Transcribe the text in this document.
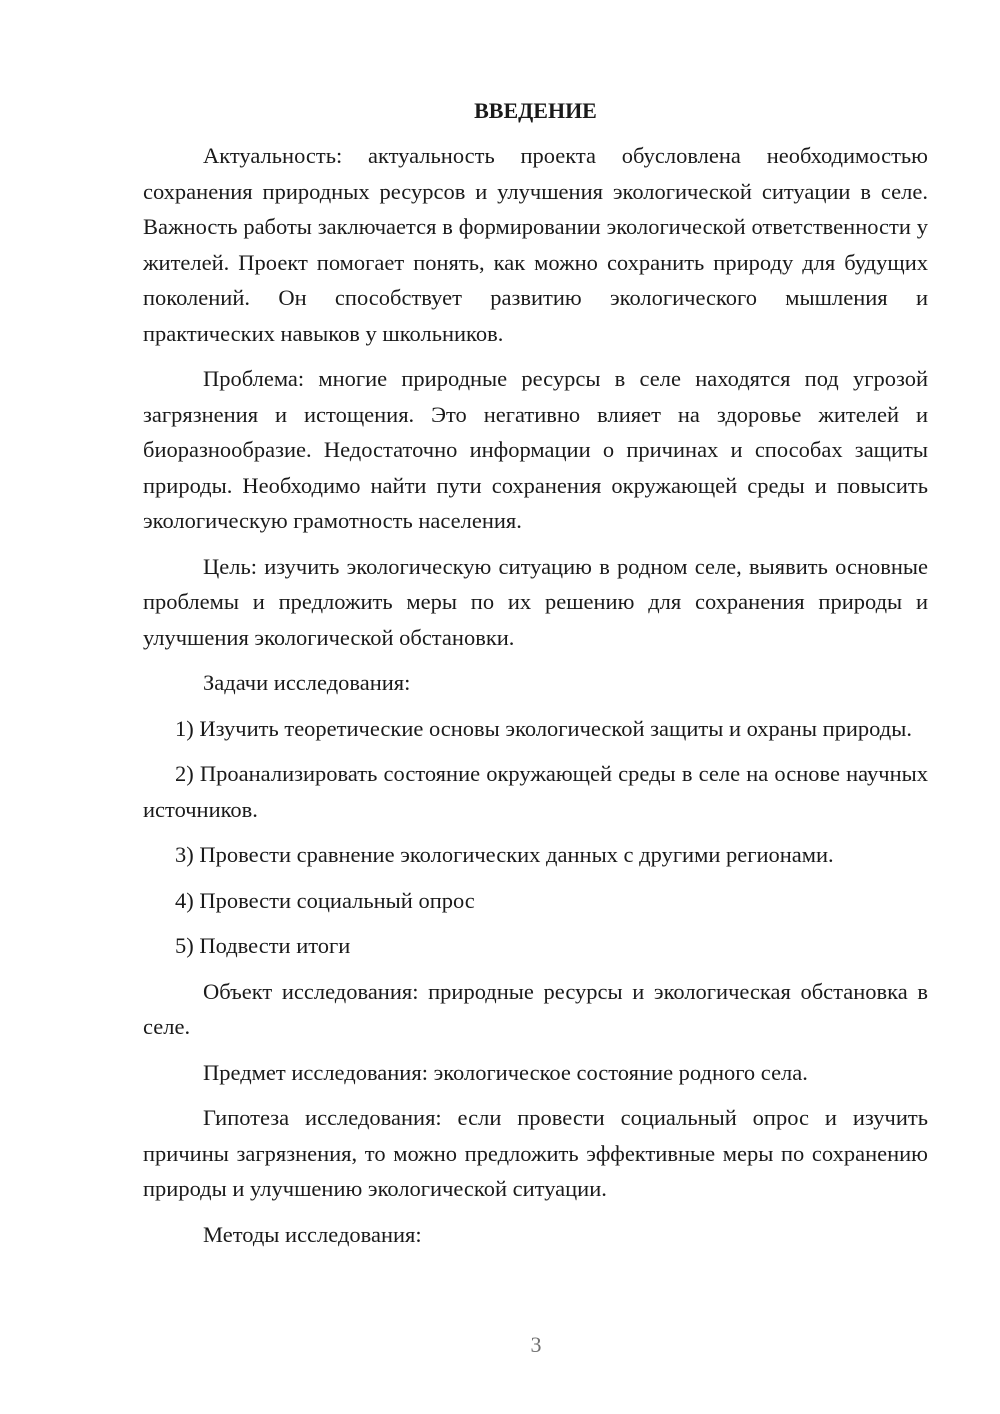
ВВЕДЕНИЕ

Актуальность: актуальность проекта обусловлена необходимостью сохранения природных ресурсов и улучшения экологической ситуации в селе. Важность работы заключается в формировании экологической ответственности у жителей. Проект помогает понять, как можно сохранить природу для будущих поколений. Он способствует развитию экологического мышления и практических навыков у школьников.

Проблема: многие природные ресурсы в селе находятся под угрозой загрязнения и истощения. Это негативно влияет на здоровье жителей и биоразнообразие. Недостаточно информации о причинах и способах защиты природы. Необходимо найти пути сохранения окружающей среды и повысить экологическую грамотность населения.

Цель: изучить экологическую ситуацию в родном селе, выявить основные проблемы и предложить меры по их решению для сохранения природы и улучшения экологической обстановки.

Задачи исследования:

1) Изучить теоретические основы экологической защиты и охраны природы.

2) Проанализировать состояние окружающей среды в селе на основе научных источников.

3) Провести сравнение экологических данных с другими регионами.

4) Провести социальный опрос

5) Подвести итоги

Объект исследования: природные ресурсы и экологическая обстановка в селе.

Предмет исследования: экологическое состояние родного села.

Гипотеза исследования: если провести социальный опрос и изучить причины загрязнения, то можно предложить эффективные меры по сохранению природы и улучшению экологической ситуации.

Методы исследования:

3
